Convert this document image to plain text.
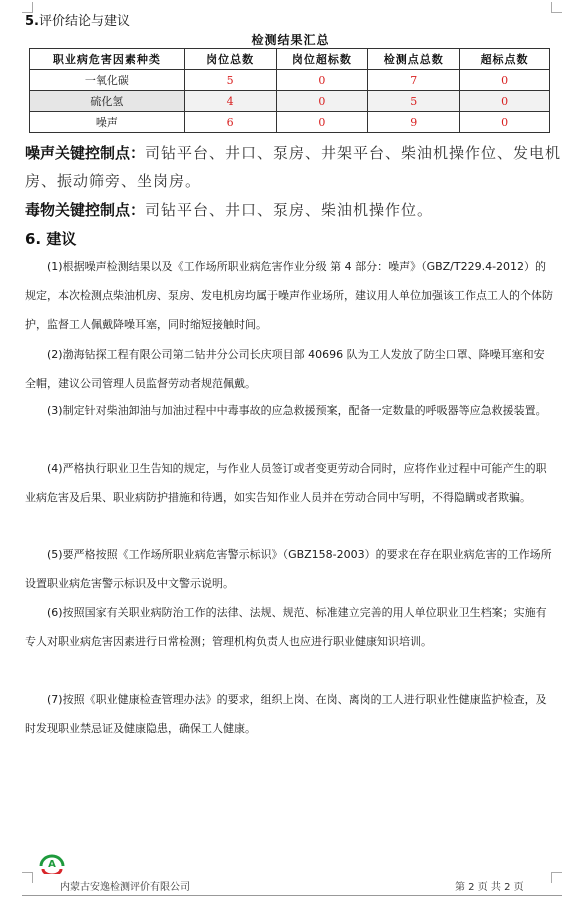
5.评价结论与建议
检测结果汇总
职业病危害因素种类	岗位总数	岗位超标数	检测点总数	超标点数
一氧化碳	5	0	7	0
硫化氢	4	0	5	0
噪声	6	0	9	0
噪声关键控制点：司钻平台、井口、泵房、井架平台、柴油机操作位、发电机房、振动筛旁、坐岗房。
毒物关键控制点：司钻平台、井口、泵房、柴油机操作位。
6. 建议
(1)根据噪声检测结果以及《工作场所职业病危害作业分级 第 4 部分：噪声》（GBZ/T229.4-2012）的规定，本次检测点柴油机房、泵房、发电机房均属于噪声作业场所，建议用人单位加强该工作点工人的个体防护，监督工人佩戴降噪耳塞，同时缩短接触时间。
(2)渤海钻探工程有限公司第二钻井分公司长庆项目部 40696 队为工人发放了防尘口罩、降噪耳塞和安全帽，建议公司管理人员监督劳动者规范佩戴。
(3)制定针对柴油卸油与加油过程中中毒事故的应急救援预案，配备一定数量的呼吸器等应急救援装置。
(4)严格执行职业卫生告知的规定，与作业人员签订或者变更劳动合同时，应将作业过程中可能产生的职业病危害及后果、职业病防护措施和待遇，如实告知作业人员并在劳动合同中写明，不得隐瞒或者欺骗。
(5)要严格按照《工作场所职业病危害警示标识》（GBZ158-2003）的要求在存在职业病危害的工作场所设置职业病危害警示标识及中文警示说明。
(6)按照国家有关职业病防治工作的法律、法规、规范、标准建立完善的用人单位职业卫生档案；实施有专人对职业病危害因素进行日常检测；管理机构负责人也应进行职业健康知识培训。
(7)按照《职业健康检查管理办法》的要求，组织上岗、在岗、离岗的工人进行职业性健康监护检查，及时发现职业禁忌证及健康隐患，确保工人健康。
A
内蒙古安逸检测评价有限公司	第 2 页 共 2 页
